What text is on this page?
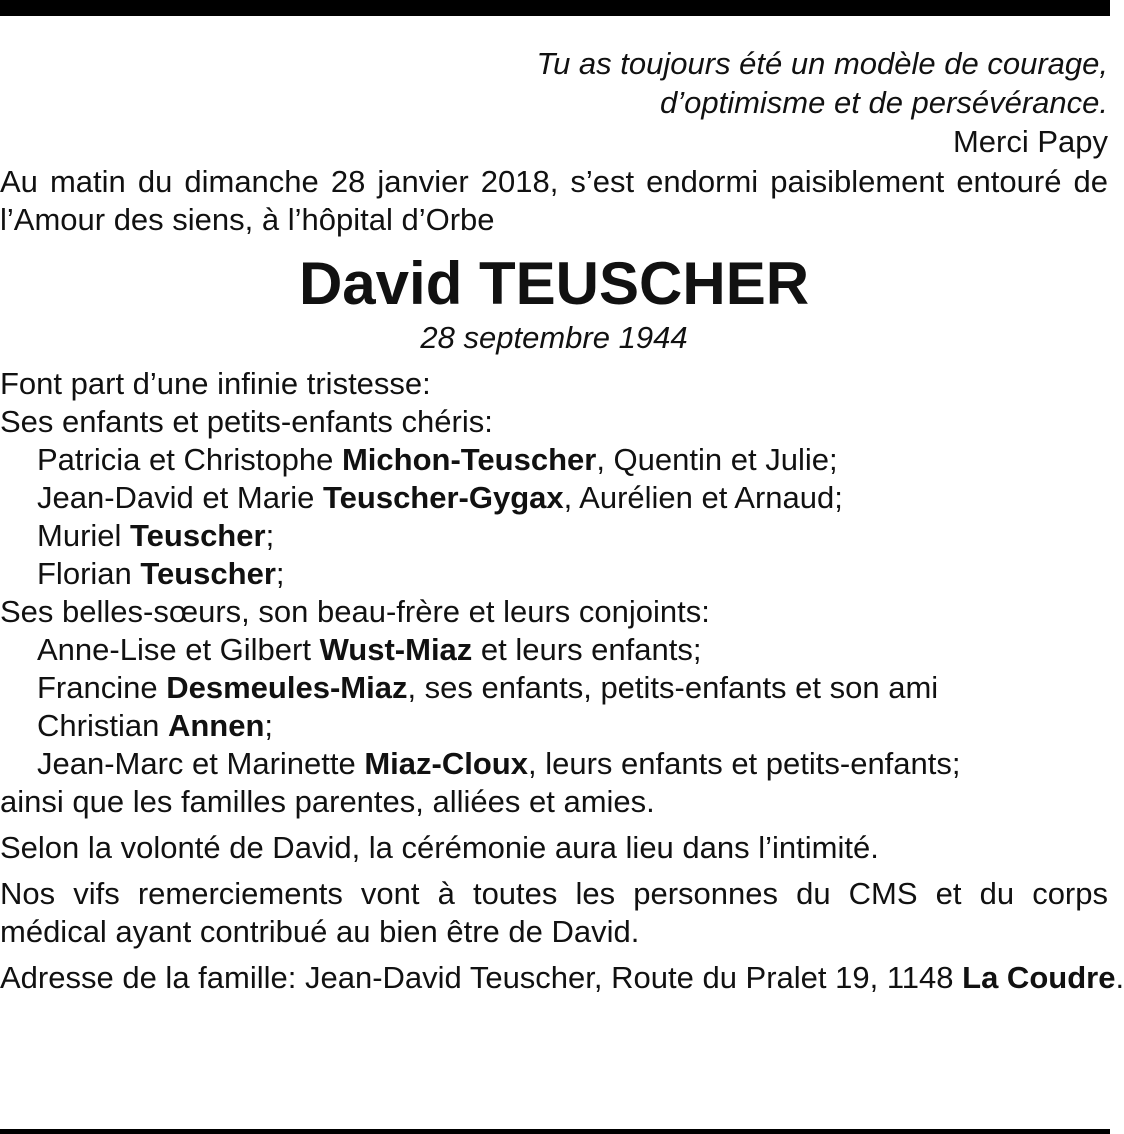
Tu as toujours été un modèle de courage,
d’optimisme et de persévérance.
Merci Papy
Au matin du dimanche 28 janvier 2018, s’est endormi paisiblement entouré de l’Amour des siens, à l’hôpital d’Orbe
David TEUSCHER
28 septembre 1944
Font part d’une infinie tristesse:
Ses enfants et petits-enfants chéris:
Patricia et Christophe Michon-Teuscher, Quentin et Julie;
Jean-David et Marie Teuscher-Gygax, Aurélien et Arnaud;
Muriel Teuscher;
Florian Teuscher;
Ses belles-sœurs, son beau-frère et leurs conjoints:
Anne-Lise et Gilbert Wust-Miaz et leurs enfants;
Francine Desmeules-Miaz, ses enfants, petits-enfants et son ami
Christian Annen;
Jean-Marc et Marinette Miaz-Cloux, leurs enfants et petits-enfants;
ainsi que les familles parentes, alliées et amies.
Selon la volonté de David, la cérémonie aura lieu dans l’intimité.
Nos vifs remerciements vont à toutes les personnes du CMS et du corps médical ayant contribué au bien être de David.
Adresse de la famille: Jean-David Teuscher, Route du Pralet 19, 1148 La Coudre.
